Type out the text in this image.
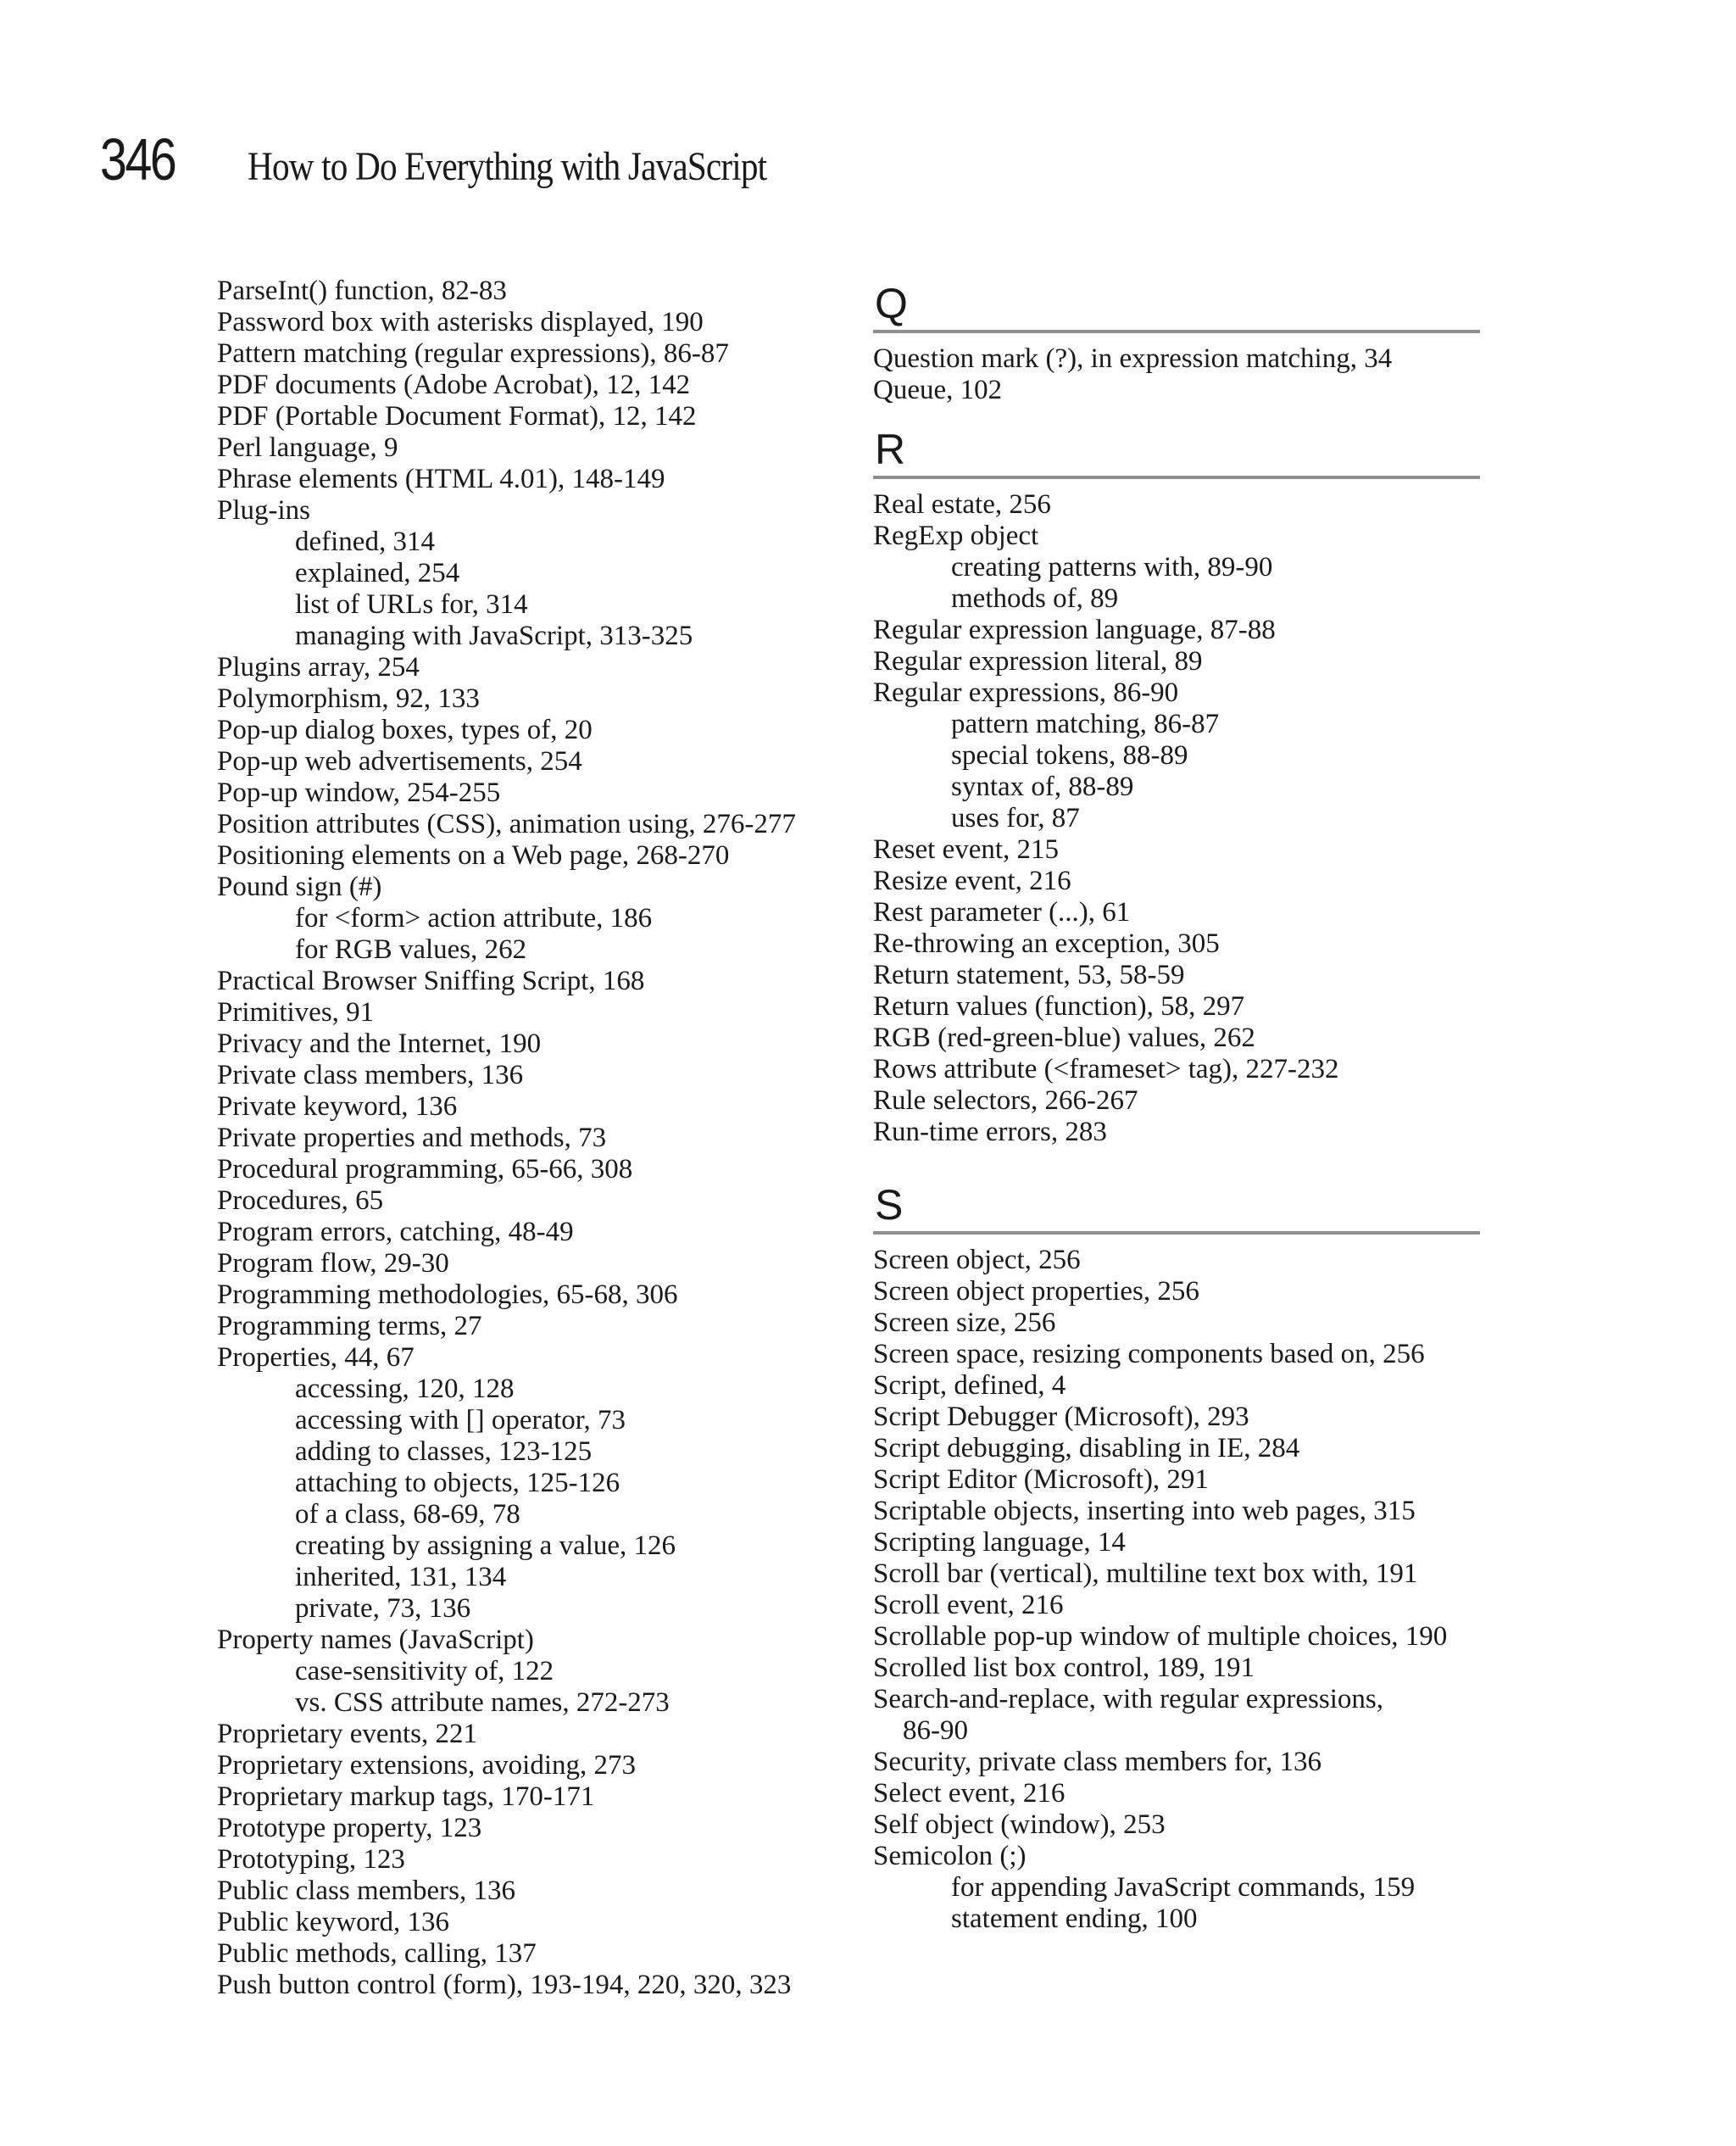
346	How to Do Everything with JavaScript
ParseInt() function, 82-83
Password box with asterisks displayed, 190
Pattern matching (regular expressions), 86-87
PDF documents (Adobe Acrobat), 12, 142
PDF (Portable Document Format), 12, 142
Perl language, 9
Phrase elements (HTML 4.01), 148-149
Plug-ins
defined, 314
explained, 254
list of URLs for, 314
managing with JavaScript, 313-325
Plugins array, 254
Polymorphism, 92, 133
Pop-up dialog boxes, types of, 20
Pop-up web advertisements, 254
Pop-up window, 254-255
Position attributes (CSS), animation using, 276-277
Positioning elements on a Web page, 268-270
Pound sign (#)
for <form> action attribute, 186
for RGB values, 262
Practical Browser Sniffing Script, 168
Primitives, 91
Privacy and the Internet, 190
Private class members, 136
Private keyword, 136
Private properties and methods, 73
Procedural programming, 65-66, 308
Procedures, 65
Program errors, catching, 48-49
Program flow, 29-30
Programming methodologies, 65-68, 306
Programming terms, 27
Properties, 44, 67
accessing, 120, 128
accessing with [] operator, 73
adding to classes, 123-125
attaching to objects, 125-126
of a class, 68-69, 78
creating by assigning a value, 126
inherited, 131, 134
private, 73, 136
Property names (JavaScript)
case-sensitivity of, 122
vs. CSS attribute names, 272-273
Proprietary events, 221
Proprietary extensions, avoiding, 273
Proprietary markup tags, 170-171
Prototype property, 123
Prototyping, 123
Public class members, 136
Public keyword, 136
Public methods, calling, 137
Push button control (form), 193-194, 220, 320, 323
Q
Question mark (?), in expression matching, 34
Queue, 102
R
Real estate, 256
RegExp object
creating patterns with, 89-90
methods of, 89
Regular expression language, 87-88
Regular expression literal, 89
Regular expressions, 86-90
pattern matching, 86-87
special tokens, 88-89
syntax of, 88-89
uses for, 87
Reset event, 215
Resize event, 216
Rest parameter (...), 61
Re-throwing an exception, 305
Return statement, 53, 58-59
Return values (function), 58, 297
RGB (red-green-blue) values, 262
Rows attribute (<frameset> tag), 227-232
Rule selectors, 266-267
Run-time errors, 283
S
Screen object, 256
Screen object properties, 256
Screen size, 256
Screen space, resizing components based on, 256
Script, defined, 4
Script Debugger (Microsoft), 293
Script debugging, disabling in IE, 284
Script Editor (Microsoft), 291
Scriptable objects, inserting into web pages, 315
Scripting language, 14
Scroll bar (vertical), multiline text box with, 191
Scroll event, 216
Scrollable pop-up window of multiple choices, 190
Scrolled list box control, 189, 191
Search-and-replace, with regular expressions,
86-90
Security, private class members for, 136
Select event, 216
Self object (window), 253
Semicolon (;)
for appending JavaScript commands, 159
statement ending, 100
